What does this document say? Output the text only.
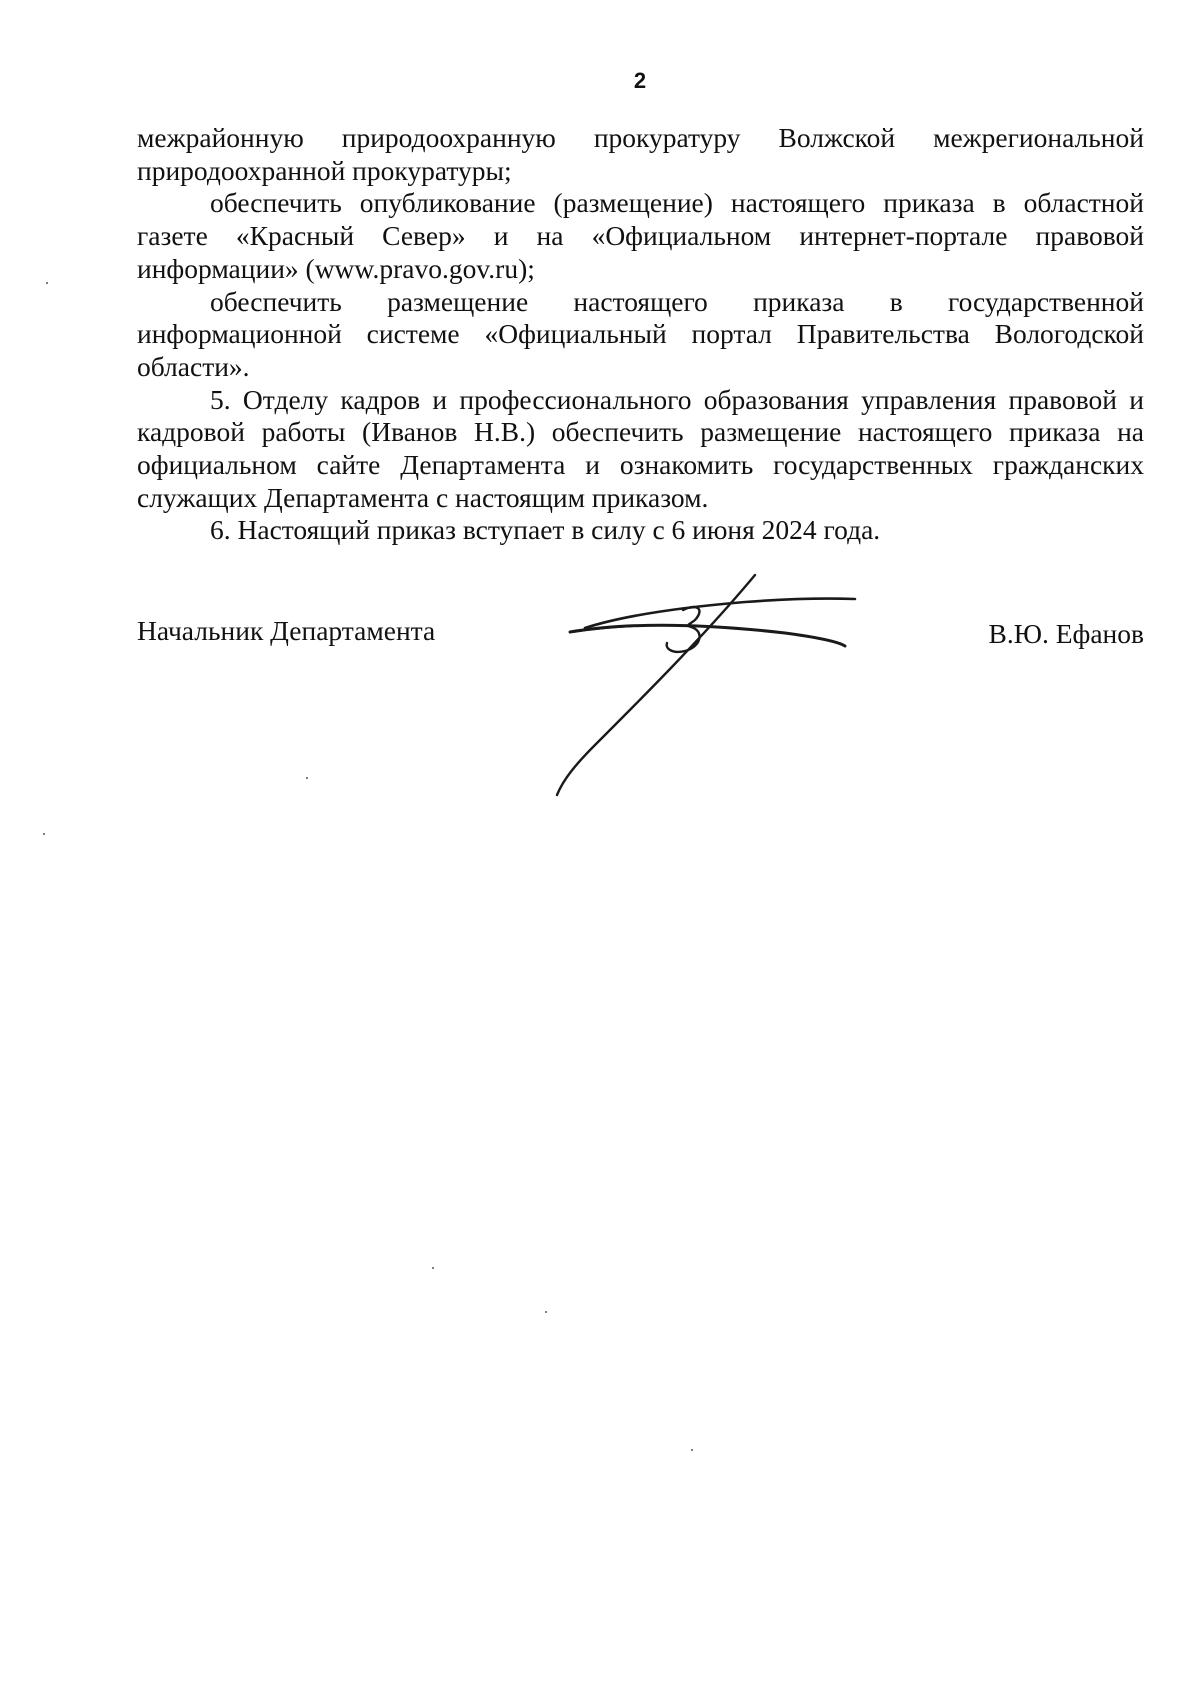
2

межрайонную природоохранную прокуратуру Волжской межрегиональной природоохранной прокуратуры;

обеспечить опубликование (размещение) настоящего приказа в областной газете «Красный Север» и на «Официальном интернет-портале правовой информации» (www.pravo.gov.ru);

обеспечить размещение настоящего приказа в государственной информационной системе «Официальный портал Правительства Вологодской области».

5. Отделу кадров и профессионального образования управления правовой и кадровой работы (Иванов Н.В.) обеспечить размещение настоящего приказа на официальном сайте Департамента и ознакомить государственных гражданских служащих Департамента с настоящим приказом.

6. Настоящий приказ вступает в силу с 6 июня 2024 года.

Начальник Департамента	В.Ю. Ефанов
